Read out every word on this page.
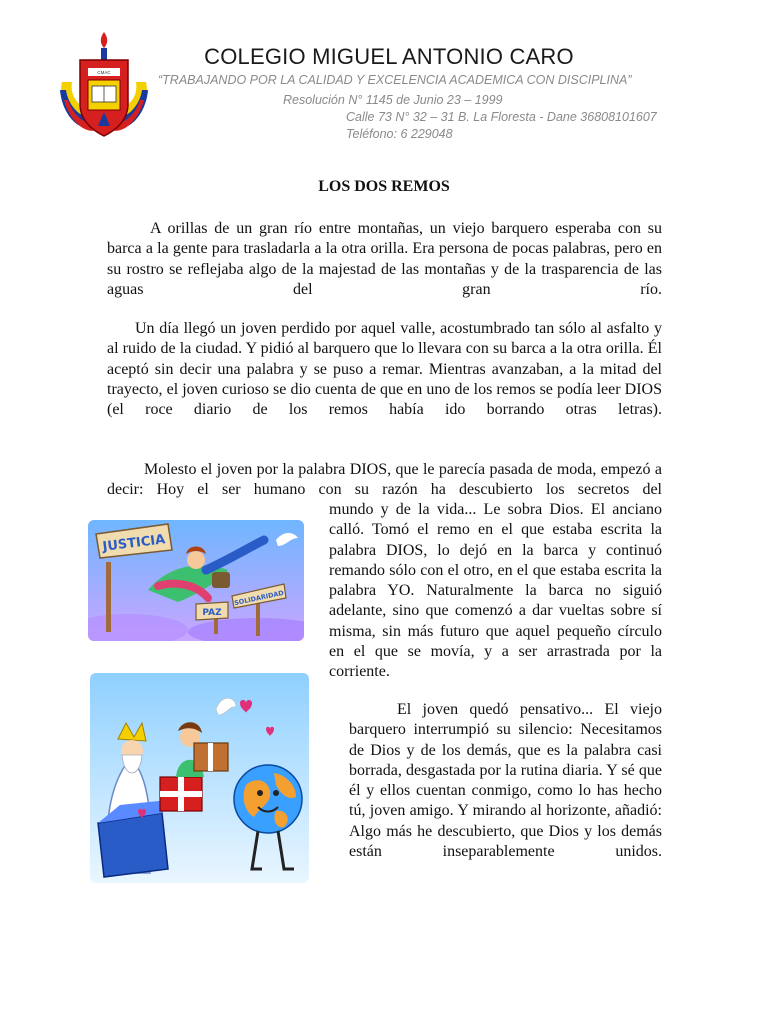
CMAC
COLEGIO MIGUEL ANTONIO CARO
“TRABAJANDO POR LA CALIDAD Y EXCELENCIA ACADEMICA CON DISCIPLINA”
Resolución N° 1145 de Junio 23 – 1999
Calle 73 N° 32 – 31 B. La Floresta - Dane 36808101607
Teléfono: 6 229048
LOS DOS REMOS

A orillas de un gran río entre montañas, un viejo barquero esperaba con su barca a la gente para trasladarla a la otra orilla. Era persona de pocas palabras, pero en su rostro se reflejaba algo de la majestad de las montañas y de la trasparencia de las aguas del gran río.

Un día llegó un joven perdido por aquel valle, acostumbrado tan sólo al asfalto y al ruido de la ciudad. Y pidió al barquero que lo llevara con su barca a la otra orilla. Él aceptó sin decir una palabra y se puso a remar. Mientras avanzaban, a la mitad del trayecto, el joven curioso se dio cuenta de que en uno de los remos se podía leer DIOS (el roce diario de los remos había ido borrando otras letras).

Molesto el joven por la palabra DIOS, que le parecía pasada de moda, empezó a decir: Hoy el ser humano con su razón ha descubierto los secretos del

mundo y de la vida... Le sobra Dios. El anciano calló. Tomó el remo en el que estaba escrita la palabra DIOS, lo dejó en la barca y continuó remando sólo con el otro, en el que estaba escrita la palabra YO. Naturalmente la barca no siguió adelante, sino que comenzó a dar vueltas sobre sí misma, sin más futuro que aquel pequeño círculo en el que se movía, y a ser arrastrada por la corriente.

El joven quedó pensativo... El viejo barquero interrumpió su silencio: Necesitamos de Dios y de los demás, que es la palabra casi borrada, desgastada por la rutina diaria. Y sé que él y ellos cuentan conmigo, como lo has hecho tú, joven amigo. Y mirando al horizonte, añadió: Algo más he descubierto, que Dios y los demás están inseparablemente unidos.

JUSTICIA
PAZ
SOLIDARIDAD
